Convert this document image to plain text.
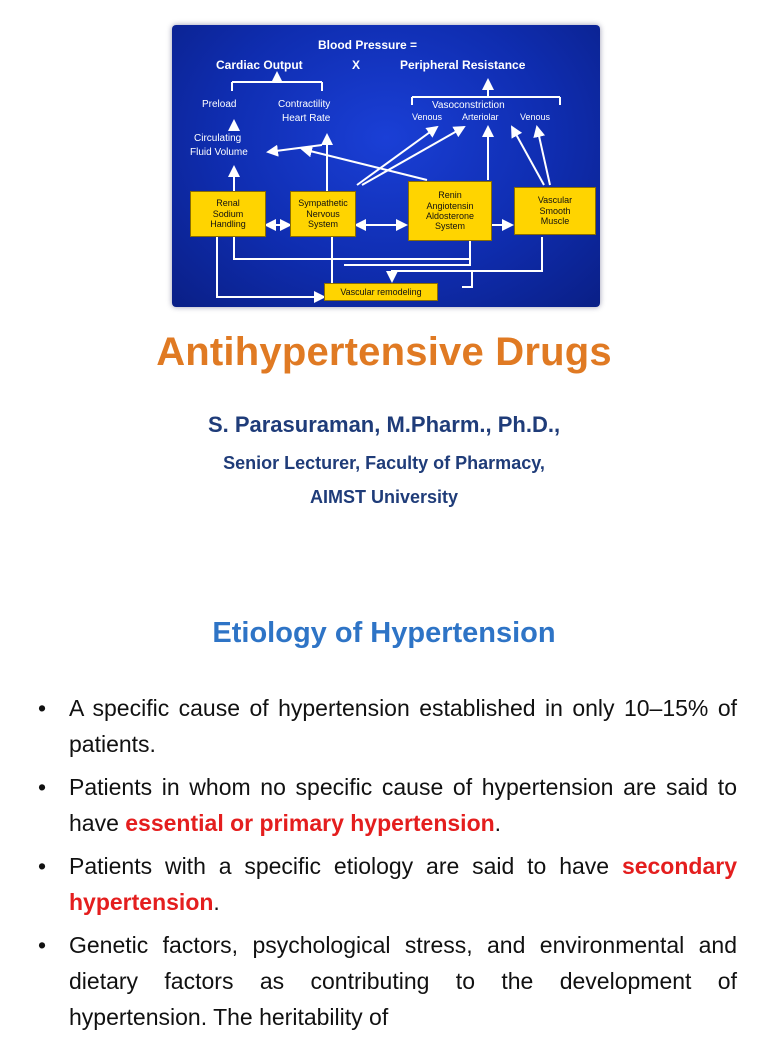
Blood Pressure =
Cardiac Output	X	Peripheral Resistance
Preload	Contractility
Heart Rate
Vasoconstriction
Venous Arteriolar Venous
Circulating
Fluid Volume
Renal
Sodium
Handling
Sympathetic
Nervous
System
Renin
Angiotensin
Aldosterone
System
Vascular
Smooth
Muscle
Vascular remodeling
Antihypertensive Drugs
S. Parasuraman, M.Pharm., Ph.D.,
Senior Lecturer, Faculty of Pharmacy,
AIMST University
Etiology of Hypertension
• A specific cause of hypertension established in only 10–15% of patients.
• Patients in whom no specific cause of hypertension are said to have essential or primary hypertension.
• Patients with a specific etiology are said to have secondary hypertension.
• Genetic factors, psychological stress, and environmental and dietary factors as contributing to the development of hypertension. The heritability of
